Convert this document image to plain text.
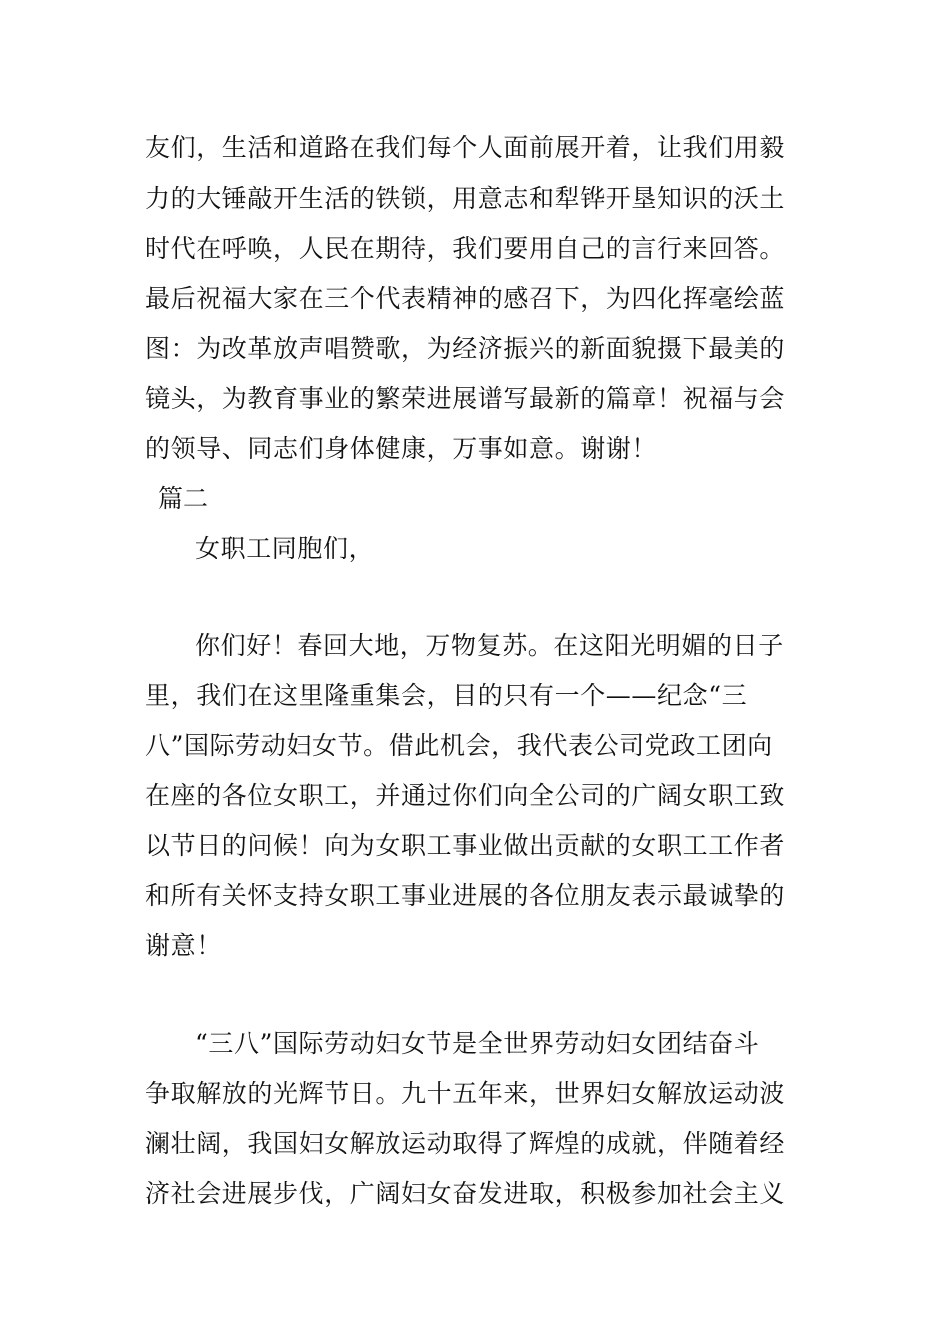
友们，生活和道路在我们每个人面前展开着，让我们用毅
力的大锤敲开生活的铁锁，用意志和犁铧开垦知识的沃土
时代在呼唤，人民在期待，我们要用自己的言行来回答。
最后祝福大家在三个代表精神的感召下，为四化挥毫绘蓝
图：为改革放声唱赞歌，为经济振兴的新面貌摄下最美的
镜头，为教育事业的繁荣进展谱写最新的篇章！祝福与会
的领导、同志们身体健康，万事如意。谢谢！
篇二
女职工同胞们，
你们好！春回大地，万物复苏。在这阳光明媚的日子
里，我们在这里隆重集会，目的只有一个——纪念“三
八”国际劳动妇女节。借此机会，我代表公司党政工团向
在座的各位女职工，并通过你们向全公司的广阔女职工致
以节日的问候！向为女职工事业做出贡献的女职工工作者
和所有关怀支持女职工事业进展的各位朋友表示最诚挚的
谢意！
“三八”国际劳动妇女节是全世界劳动妇女团结奋斗
争取解放的光辉节日。九十五年来，世界妇女解放运动波
澜壮阔，我国妇女解放运动取得了辉煌的成就，伴随着经
济社会进展步伐，广阔妇女奋发进取，积极参加社会主义
